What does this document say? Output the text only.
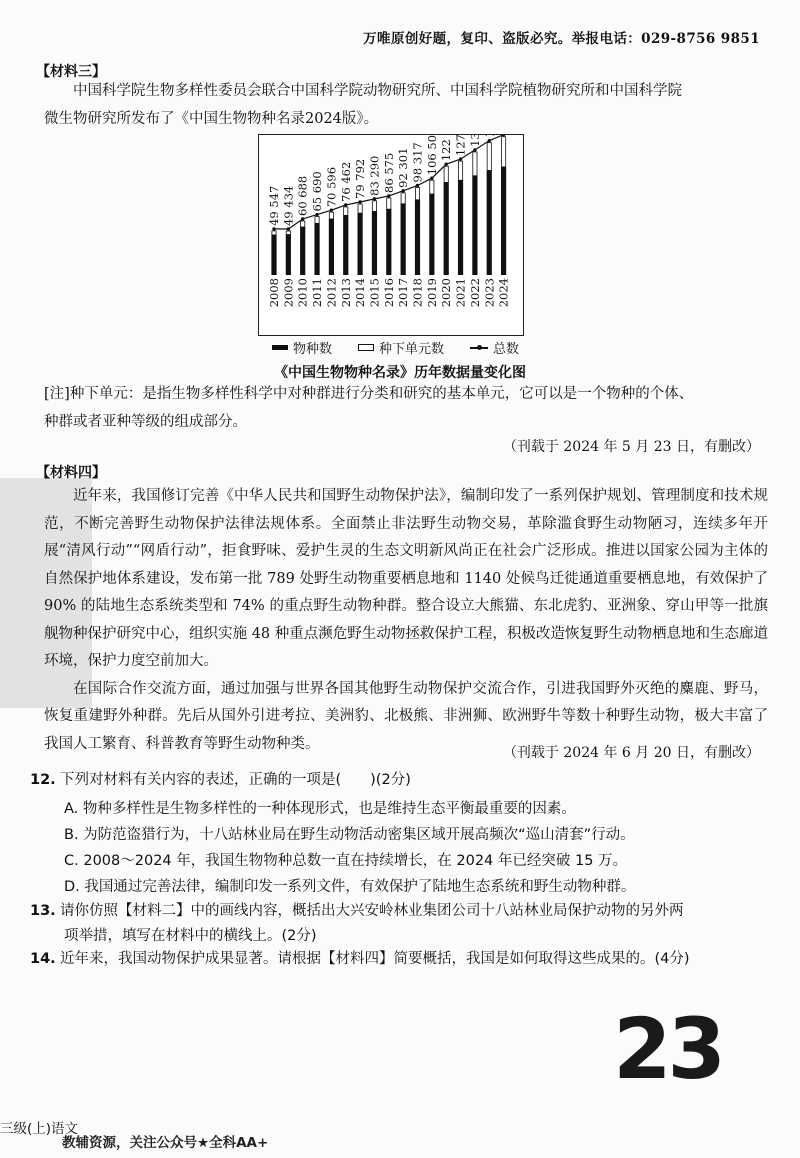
万唯原创好题，复印、盗版必究。举报电话：029-8756 9851
【材料三】

中国科学院生物多样性委员会联合中国科学院动物研究所、中国科学院植物研究所和中国科学院

微生物研究所发布了《中国生物物种名录2024版》。
2008
49 547
2009
49 434
2010
60 688
2011
65 690
2012
70 596
2013
76 462
2014
79 792
2015
83 290
2016
86 575
2017
92 301
2018
98 317
2019
106 509
2020
122 280
2021 2022 2023 2024
物种数	种下单元数	总数
《中国生物物种名录》历年数据量变化图
[注]种下单元：是指生物多样性科学中对种群进行分类和研究的基本单元，它可以是一个物种的个体、
种群或者亚种等级的组成部分。
（刊载于 2024 年 5 月 23 日，有删改）
【材料四】

近年来，我国修订完善《中华人民共和国野生动物保护法》，编制印发了一系列保护规划、管理制度和技术规范，不断完善野生动物保护法律法规体系。全面禁止非法野生动物交易，革除滥食野生动物陋习，连续多年开展“清风行动”“网盾行动”，拒食野味、爱护生灵的生态文明新风尚正在社会广泛形成。推进以国家公园为主体的自然保护地体系建设，发布第一批 789 处野生动物重要栖息地和 1140 处候鸟迁徙通道重要栖息地，有效保护了 90% 的陆地生态系统类型和 74% 的重点野生动物种群。整合设立大熊猫、东北虎豹、亚洲象、穿山甲等一批旗舰物种保护研究中心，组织实施 48 种重点濒危野生动物拯救保护工程，积极改造恢复野生动物栖息地和生态廊道环境，保护力度空前加大。

在国际合作交流方面，通过加强与世界各国其他野生动物保护交流合作，引进我国野外灭绝的麋鹿、野马，恢复重建野外种群。先后从国外引进考拉、美洲豹、北极熊、非洲狮、欧洲野牛等数十种野生动物，极大丰富了我国人工繁育、科普教育等野生动物种类。

（刊载于 2024 年 6 月 20 日，有删改）
12. 下列对材料有关内容的表述，正确的一项是(　　)(2分)
A. 物种多样性是生物多样性的一种体现形式，也是维持生态平衡最重要的因素。
B. 为防范盗猎行为，十八站林业局在野生动物活动密集区域开展高频次“巡山清套”行动。
C. 2008～2024 年，我国生物物种总数一直在持续增长，在 2024 年已经突破 15 万。
D. 我国通过完善法律，编制印发一系列文件，有效保护了陆地生态系统和野生动物种群。
13. 请你仿照【材料二】中的画线内容，概括出大兴安岭林业集团公司十八站林业局保护动物的另外两
项举措，填写在材料中的横线上。(2分)
14. 近年来，我国动物保护成果显著。请根据【材料四】简要概括，我国是如何取得这些成果的。(4分)
23
三级(上)语文
教辅资源，关注公众号★全科AA+
